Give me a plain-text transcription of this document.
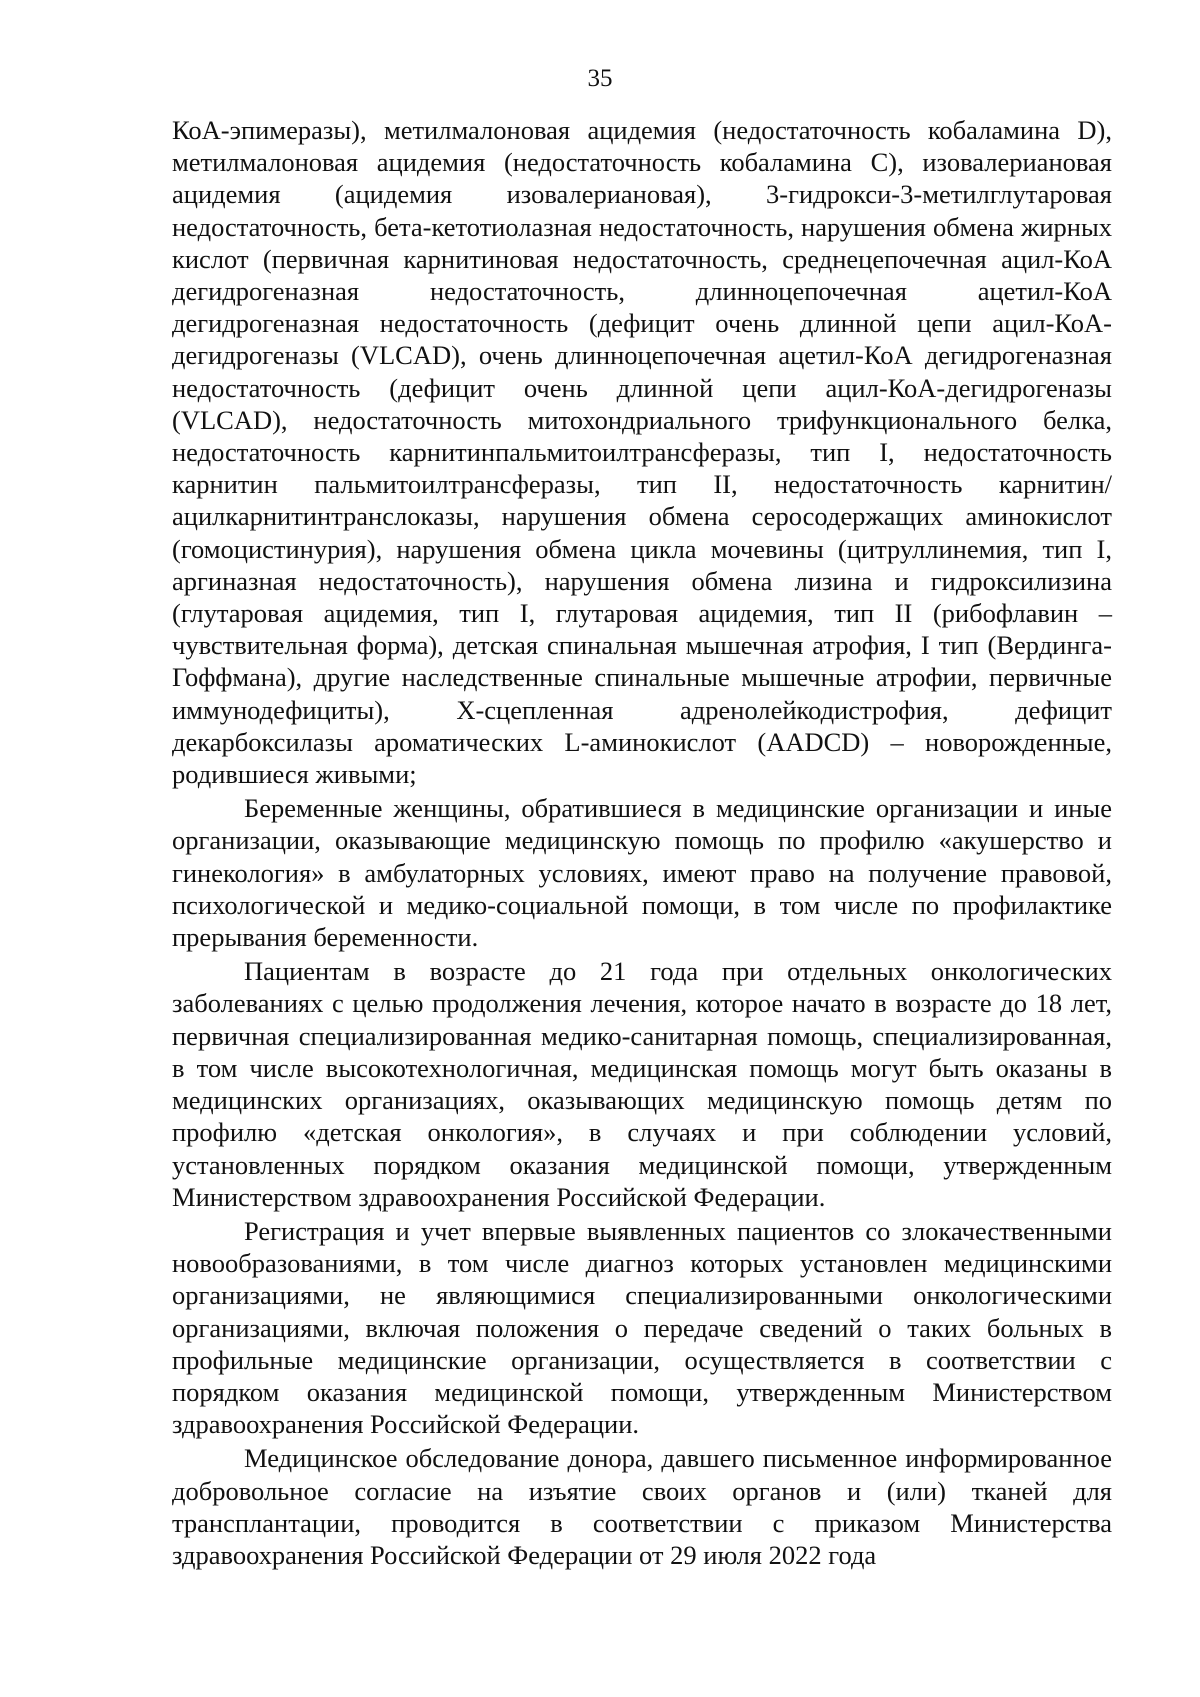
35

КоА-эпимеразы), метилмалоновая ацидемия (недостаточность кобаламина D), метилмалоновая ацидемия (недостаточность кобаламина C), изовалериановая ацидемия (ацидемия изовалериановая), 3-гидрокси-3-метилглутаровая недостаточность, бета-кетотиолазная недостаточность, нарушения обмена жирных кислот (первичная карнитиновая недостаточность, среднецепочечная ацил-КоА дегидрогеназная недостаточность, длинноцепочечная ацетил-КоА дегидрогеназная недостаточность (дефицит очень длинной цепи ацил-КоА-дегидрогеназы (VLCAD), очень длинноцепочечная ацетил-КоА дегидрогеназная недостаточность (дефицит очень длинной цепи ацил-КоА-дегидрогеназы (VLCAD), недостаточность митохондриального трифункционального белка, недостаточность карнитинпальмитоилтрансферазы, тип I, недостаточность карнитин пальмитоилтрансферазы, тип II, недостаточность карнитин/ацилкарнитинтранслоказы, нарушения обмена серосодержащих аминокислот (гомоцистинурия), нарушения обмена цикла мочевины (цитруллинемия, тип I, аргиназная недостаточность), нарушения обмена лизина и гидроксилизина (глутаровая ацидемия, тип I, глутаровая ацидемия, тип II (рибофлавин – чувствительная форма), детская спинальная мышечная атрофия, I тип (Вердинга-Гоффмана), другие наследственные спинальные мышечные атрофии, первичные иммунодефициты), X-сцепленная адренолейкодистрофия, дефицит декарбоксилазы ароматических L-аминокислот (AADCD) – новорожденные, родившиеся живыми;

Беременные женщины, обратившиеся в медицинские организации и иные организации, оказывающие медицинскую помощь по профилю «акушерство и гинекология» в амбулаторных условиях, имеют право на получение правовой, психологической и медико-социальной помощи, в том числе по профилактике прерывания беременности.

Пациентам в возрасте до 21 года при отдельных онкологических заболеваниях с целью продолжения лечения, которое начато в возрасте до 18 лет, первичная специализированная медико-санитарная помощь, специализированная, в том числе высокотехнологичная, медицинская помощь могут быть оказаны в медицинских организациях, оказывающих медицинскую помощь детям по профилю «детская онкология», в случаях и при соблюдении условий, установленных порядком оказания медицинской помощи, утвержденным Министерством здравоохранения Российской Федерации.

Регистрация и учет впервые выявленных пациентов со злокачественными новообразованиями, в том числе диагноз которых установлен медицинскими организациями, не являющимися специализированными онкологическими организациями, включая положения о передаче сведений о таких больных в профильные медицинские организации, осуществляется в соответствии с порядком оказания медицинской помощи, утвержденным Министерством здравоохранения Российской Федерации.

Медицинское обследование донора, давшего письменное информированное добровольное согласие на изъятие своих органов и (или) тканей для трансплантации, проводится в соответствии с приказом Министерства здравоохранения Российской Федерации от 29 июля 2022 года
